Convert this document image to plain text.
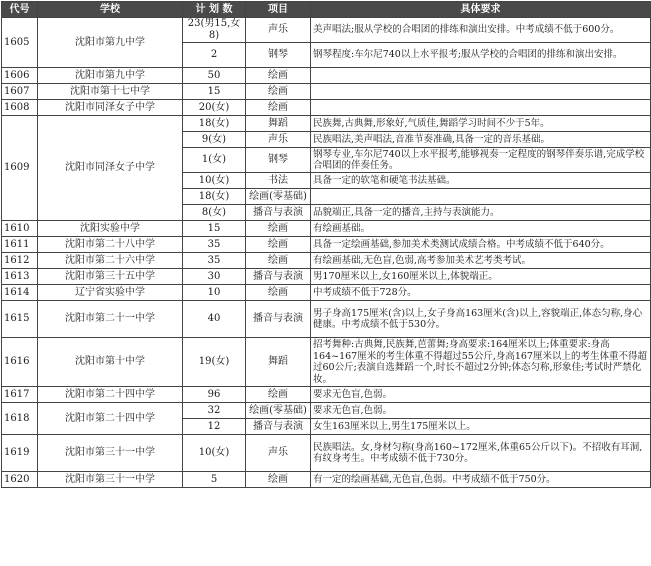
代号	学校	计 划 数	项目	具体要求
1605	沈阳市第九中学	23(男15,女8)	声乐	美声唱法;服从学校的合唱团的排练和演出安排。中考成绩不低于600分。
		2	钢琴	钢琴程度:车尔尼740以上水平报考;服从学校的合唱团的排练和演出安排。
1606	沈阳市第九中学	50	绘画	
1607	沈阳市第十七中学	15	绘画	
1608	沈阳市同泽女子中学	20(女)	绘画	
1609	沈阳市同泽女子中学	18(女)	舞蹈	民族舞,古典舞,形象好,气质佳,舞蹈学习时间不少于5年。
		9(女)	声乐	民族唱法,美声唱法,音准节奏准确,具备一定的音乐基础。
		1(女)	钢琴	钢琴专业,车尔尼740以上水平报考,能够视奏一定程度的钢琴伴奏乐谱,完成学校合唱团的伴奏任务。
		10(女)	书法	具备一定的软笔和硬笔书法基础。
		18(女)	绘画(零基础)	
		8(女)	播音与表演	品貌端正,具备一定的播音,主持与表演能力。
1610	沈阳实验中学	15	绘画	有绘画基础。
1611	沈阳市第二十八中学	35	绘画	具备一定绘画基础,参加美术类测试成绩合格。中考成绩不低于640分。
1612	沈阳市第二十六中学	35	绘画	有绘画基础,无色盲,色弱,高考参加美术艺考类考试。
1613	沈阳市第三十五中学	30	播音与表演	男170厘米以上,女160厘米以上,体貌端正。
1614	辽宁省实验中学	10	绘画	中考成绩不低于728分。
1615	沈阳市第二十一中学	40	播音与表演	男子身高175厘米(含)以上,女子身高163厘米(含)以上,容貌端正,体态匀称,身心健康。中考成绩不低于530分。
1616	沈阳市第十中学	19(女)	舞蹈	招考舞种:古典舞,民族舞,芭蕾舞;身高要求:164厘米以上;体重要求:身高164~167厘米的考生体重不得超过55公斤,身高167厘米以上的考生体重不得超过60公斤;表演自选舞蹈一个,时长不超过2分钟;体态匀称,形象佳;考试时严禁化妆。
1617	沈阳市第二十四中学	96	绘画	要求无色盲,色弱。
1618	沈阳市第二十四中学	32	绘画(零基础)	要求无色盲,色弱。
		12	播音与表演	女生163厘米以上,男生175厘米以上。
1619	沈阳市第三十一中学	10(女)	声乐	民族唱法。女,身材匀称(身高160~172厘米,体重65公斤以下)。不招收有耳洞,有纹身考生。中考成绩不低于730分。
1620	沈阳市第三十一中学	5	绘画	有一定的绘画基础,无色盲,色弱。中考成绩不低于750分。
